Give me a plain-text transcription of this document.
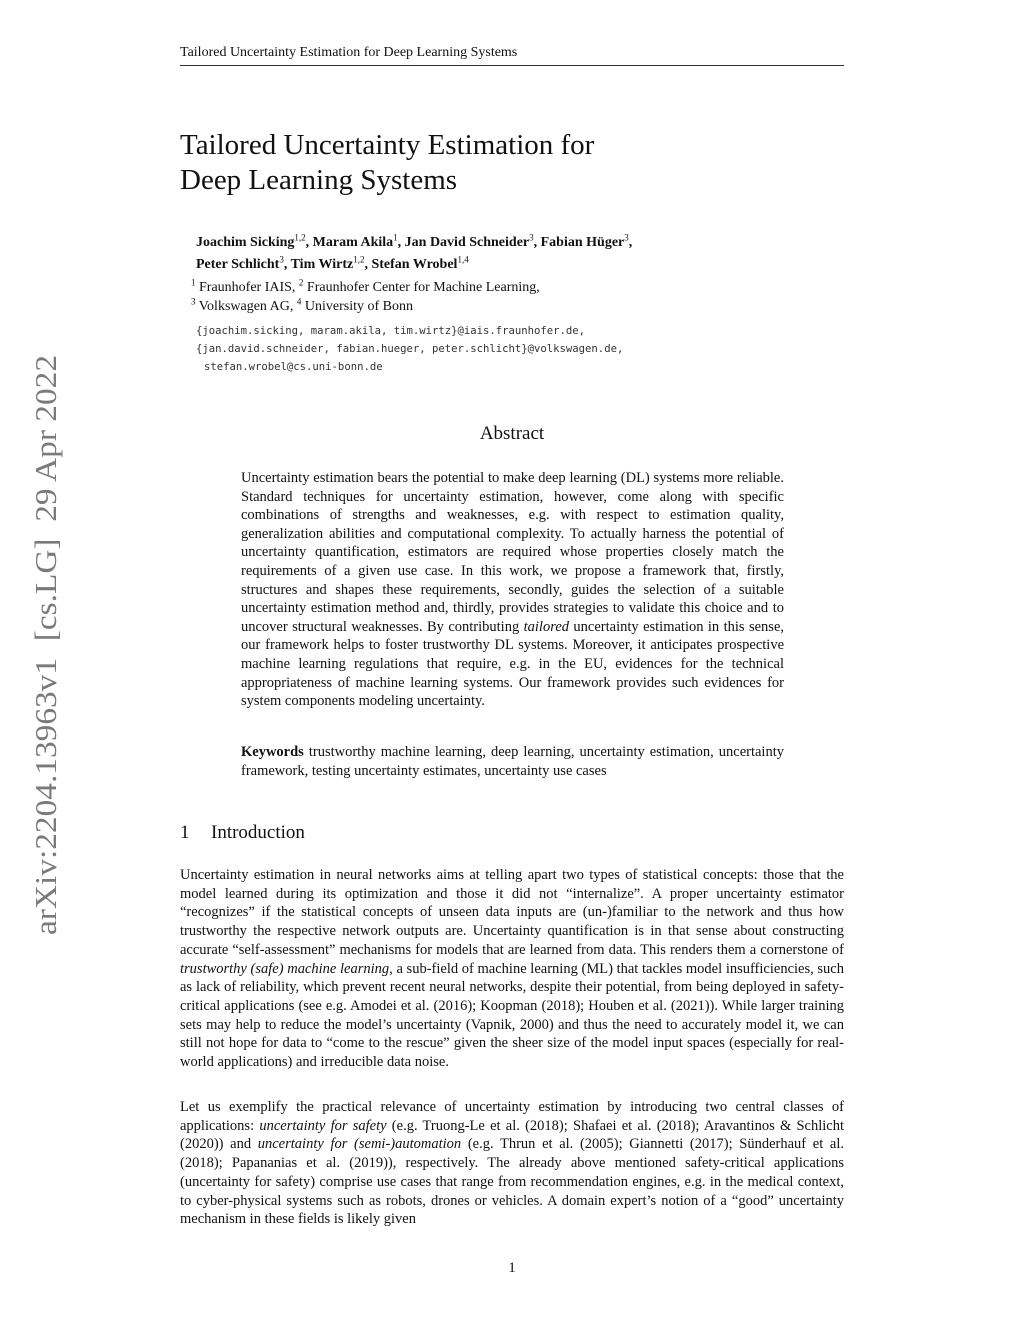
Tailored Uncertainty Estimation for Deep Learning Systems
arXiv:2204.13963v1  [cs.LG]  29 Apr 2022
Tailored Uncertainty Estimation for
Deep Learning Systems
Joachim Sicking$^{1,2}$, Maram Akila$^1$, Jan David Schneider$^3$, Fabian Hüger$^3$,
Peter Schlicht$^3$, Tim Wirtz$^{1,2}$, Stefan Wrobel$^{1,4}$
$^1$ Fraunhofer IAIS, $^2$ Fraunhofer Center for Machine Learning,
$^3$ Volkswagen AG, $^4$ University of Bonn
{joachim.sicking, maram.akila, tim.wirtz}@iais.fraunhofer.de,
{jan.david.schneider, fabian.hueger, peter.schlicht}@volkswagen.de,
stefan.wrobel@cs.uni-bonn.de
Abstract

Uncertainty estimation bears the potential to make deep learning (DL) systems more reliable. Standard techniques for uncertainty estimation, however, come along with specific combinations of strengths and weaknesses, e.g. with respect to estimation quality, generalization abilities and computational complexity. To actually harness the potential of uncertainty quantification, estimators are required whose properties closely match the requirements of a given use case. In this work, we propose a framework that, firstly, structures and shapes these requirements, secondly, guides the selection of a suitable uncertainty estimation method and, thirdly, provides strategies to validate this choice and to uncover structural weaknesses. By contributing tailored uncertainty estimation in this sense, our framework helps to foster trustworthy DL systems. Moreover, it anticipates prospective machine learning regulations that require, e.g. in the EU, evidences for the technical appropriateness of machine learning systems. Our framework provides such evidences for system components modeling uncertainty.

Keywords trustworthy machine learning, deep learning, uncertainty estimation, uncertainty framework, testing uncertainty estimates, uncertainty use cases

1 Introduction

Uncertainty estimation in neural networks aims at telling apart two types of statistical concepts: those that the model learned during its optimization and those it did not “internalize”. A proper uncertainty estimator “recognizes” if the statistical concepts of unseen data inputs are (un-)familiar to the network and thus how trustworthy the respective network outputs are. Uncertainty quantification is in that sense about constructing accurate “self-assessment” mechanisms for models that are learned from data. This renders them a cornerstone of trustworthy (safe) machine learning, a sub-field of machine learning (ML) that tackles model insufficiencies, such as lack of reliability, which prevent recent neural networks, despite their potential, from being deployed in safety-critical applications (see e.g. Amodei et al. (2016); Koopman (2018); Houben et al. (2021)). While larger training sets may help to reduce the model’s uncertainty (Vapnik, 2000) and thus the need to accurately model it, we can still not hope for data to “come to the rescue” given the sheer size of the model input spaces (especially for real-world applications) and irreducible data noise.

Let us exemplify the practical relevance of uncertainty estimation by introducing two central classes of applications: uncertainty for safety (e.g. Truong-Le et al. (2018); Shafaei et al. (2018); Aravantinos & Schlicht (2020)) and uncertainty for (semi-)automation (e.g. Thrun et al. (2005); Giannetti (2017); Sünderhauf et al. (2018); Papananias et al. (2019)), respectively. The already above mentioned safety-critical applications (uncertainty for safety) comprise use cases that range from recommendation engines, e.g. in the medical context, to cyber-physical systems such as robots, drones or vehicles. A domain expert’s notion of a “good” uncertainty mechanism in these fields is likely given

1
